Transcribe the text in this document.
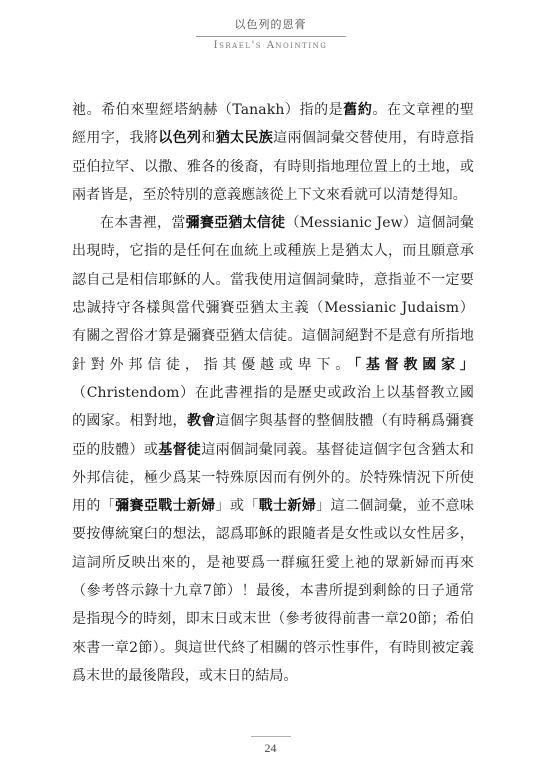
以色列的恩膏
Israel's Anointing

祂。希伯來聖經塔納赫（Tanakh）指的是舊約。在文章裡的聖經用字，我將以色列和猶太民族這兩個詞彙交替使用，有時意指亞伯拉罕、以撒、雅各的後裔，有時則指地理位置上的土地，或兩者皆是，至於特別的意義應該從上下文來看就可以清楚得知。

在本書裡，當彌賽亞猶太信徒（Messianic Jew）這個詞彙出現時，它指的是任何在血統上或種族上是猶太人，而且願意承認自己是相信耶穌的人。當我使用這個詞彙時，意指並不一定要忠誠持守各樣與當代彌賽亞猶太主義（Messianic Judaism）有關之習俗才算是彌賽亞猶太信徒。這個詞絕對不是意有所指地針對外邦信徒，指其優越或卑下。「基督教國家」（Christendom）在此書裡指的是歷史或政治上以基督教立國的國家。相對地，教會這個字與基督的整個肢體（有時稱爲彌賽亞的肢體）或基督徒這兩個詞彙同義。基督徒這個字包含猶太和外邦信徒，極少爲某一特殊原因而有例外的。於特殊情況下所使用的「彌賽亞戰士新婦」或「戰士新婦」這二個詞彙，並不意味要按傳統窠臼的想法，認爲耶穌的跟隨者是女性或以女性居多，這詞所反映出來的，是祂要爲一群瘋狂愛上祂的眾新婦而再來（參考啓示錄十九章7節）！最後，本書所提到剩餘的日子通常是指現今的時刻，即末日或末世（參考彼得前書一章20節；希伯來書一章2節）。與這世代終了相關的啓示性事件，有時則被定義爲末世的最後階段，或末日的結局。

24
